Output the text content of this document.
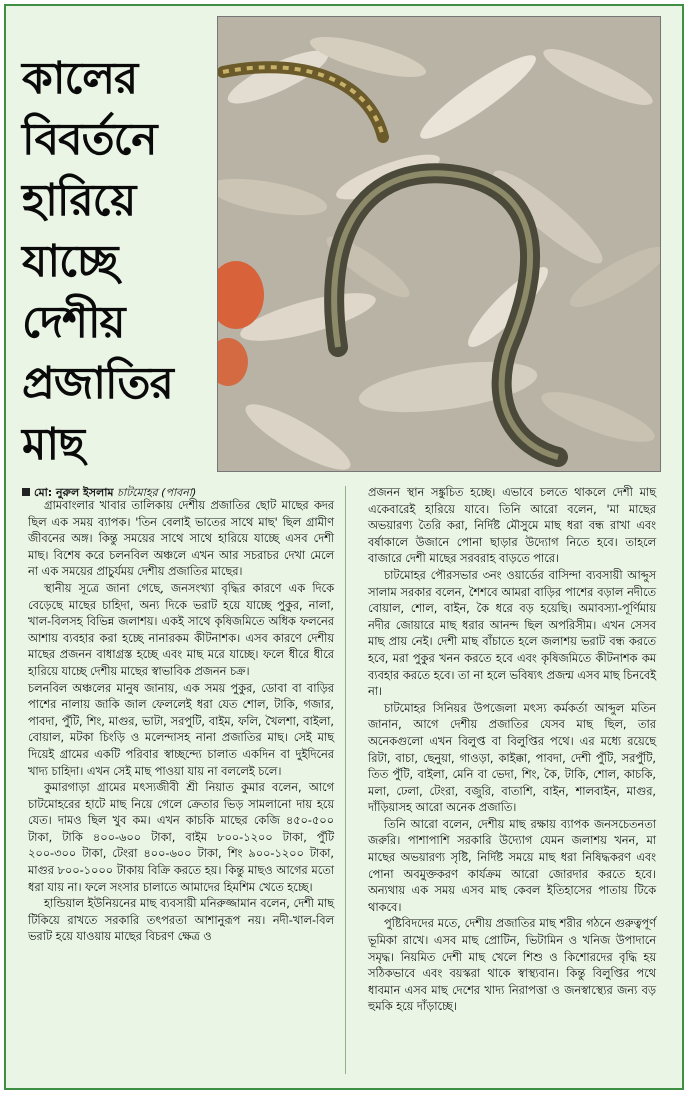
কালের
বিবর্তনে
হারিয়ে
যাচ্ছে
দেশীয়
প্রজাতির
মাছ
মো: নুরুল ইসলাম চাটমোহর (পাবনা)

গ্রামবাংলার খাবার তালিকায় দেশীয় প্রজাতির ছোট মাছের কদর ছিল এক সময় ব্যাপক। 'তিন বেলাই ভাতের সাথে মাছ' ছিল গ্রামীণ জীবনের অঙ্গ। কিন্তু সময়ের সাথে সাথে হারিয়ে যাচ্ছে এসব দেশী মাছ। বিশেষ করে চলনবিল অঞ্চলে এখন আর সচরাচর দেখা মেলে না এক সময়ের প্রাচুর্যময় দেশীয় প্রজাতির মাছের।

স্থানীয় সূত্রে জানা গেছে, জনসংখ্যা বৃদ্ধির কারণে এক দিকে বেড়েছে মাছের চাহিদা, অন্য দিকে ভরাট হয়ে যাচ্ছে পুকুর, নালা, খাল-বিলসহ বিভিন্ন জলাশয়। একই সাথে কৃষিজমিতে অধিক ফলনের আশায় ব্যবহার করা হচ্ছে নানারকম কীটনাশক। এসব কারণে দেশীয় মাছের প্রজনন বাধাগ্রস্ত হচ্ছে এবং মাছ মরে যাচ্ছে। ফলে ধীরে ধীরে হারিয়ে যাচ্ছে দেশীয় মাছের স্বাভাবিক প্রজনন চক্র।

চলনবিল অঞ্চলের মানুষ জানায়, এক সময় পুকুর, ডোবা বা বাড়ির পাশের নালায় জাকি জাল ফেললেই ধরা যেত শোল, টাকি, গজার, পাবদা, পুঁটি, শিং, মাগুর, ভাটা, সরপুটি, বাইম, ফলি, খৈলশা, বাইলা, বোয়াল, মটকা চিংড়ি ও মলেন্দাসহ নানা প্রজাতির মাছ। সেই মাছ দিয়েই গ্রামের একটি পরিবার স্বাচ্ছন্দ্যে চালাত একদিন বা দুইদিনের খাদ্য চাহিদা। এখন সেই মাছ পাওয়া যায় না বললেই চলে।

কুমারগাড়া গ্রামের মৎস্যজীবী শ্রী নিয়াত কুমার বলেন, আগে চাটমোহরের হাটে মাছ নিয়ে গেলে ক্রেতার ভিড় সামলানো দায় হয়ে যেত। দামও ছিল খুব কম। এখন কাচকি মাছের কেজি ৪৫০-৫০০ টাকা, টাকি ৪০০-৬০০ টাকা, বাইম ৮০০-১২০০ টাকা, পুঁটি ২০০-৩০০ টাকা, টেংরা ৪০০-৬০০ টাকা, শিং ৯০০-১২০০ টাকা, মাগুর ৮০০-১০০০ টাকায় বিক্রি করতে হয়। কিন্তু মাছও আগের মতো ধরা যায় না। ফলে সংসার চালাতে আমাদের হিমশিম খেতে হচ্ছে।

হান্ডিয়াল ইউনিয়নের মাছ ব্যবসায়ী মনিরুজ্জামান বলেন, দেশী মাছ টিকিয়ে রাখতে সরকারি তৎপরতা আশানুরূপ নয়। নদী-খাল-বিল ভরাট হয়ে যাওয়ায় মাছের বিচরণ ক্ষেত্র ও

প্রজনন স্থান সঙ্কুচিত হচ্ছে। এভাবে চলতে থাকলে দেশী মাছ একেবারেই হারিয়ে যাবে। তিনি আরো বলেন, 'মা মাছের অভয়ারণ্য তৈরি করা, নির্দিষ্ট মৌসুমে মাছ ধরা বন্ধ রাখা এবং বর্ষাকালে উজানে পোনা ছাড়ার উদ্যোগ নিতে হবে। তাহলে বাজারে দেশী মাছের সরবরাহ বাড়তে পারে।

চাটমোহর পৌরসভার ৩নং ওয়ার্ডের বাসিন্দা ব্যবসায়ী আব্দুস সালাম সরকার বলেন, শৈশবে আমরা বাড়ির পাশের বড়াল নদীতে বোয়াল, শোল, বাইন, কৈ ধরে বড় হয়েছি। অমাবস্যা-পূর্ণিমায় নদীর জোয়ারে মাছ ধরার আনন্দ ছিল অপরিসীম। এখন সেসব মাছ প্রায় নেই। দেশী মাছ বাঁচাতে হলে জলাশয় ভরাট বন্ধ করতে হবে, মরা পুকুর খনন করতে হবে এবং কৃষিজমিতে কীটনাশক কম ব্যবহার করতে হবে। তা না হলে ভবিষ্যৎ প্রজন্ম এসব মাছ চিনবেই না।

চাটমোহর সিনিয়র উপজেলা মৎস্য কর্মকর্তা আব্দুল মতিন জানান, আগে দেশীয় প্রজাতির যেসব মাছ ছিল, তার অনেকগুলো এখন বিলুপ্ত বা বিলুপ্তির পথে। এর মধ্যে রয়েছে রিটা, বাচা, ছেনুয়া, গাওড়া, কাইক্কা, পাবদা, দেশী পুঁটি, সরপুঁটি, তিত পুঁটি, বাইলা, মেনি বা ভেদা, শিং, কৈ, টাকি, শোল, কাচকি, মলা, ঢেলা, টেংরা, বজুরি, বাতাশি, বাইন, শালবাইন, মাগুর, দাঁড়িয়াসহ আরো অনেক প্রজাতি।

তিনি আরো বলেন, দেশীয় মাছ রক্ষায় ব্যাপক জনসচেতনতা জরুরি। পাশাপাশি সরকারি উদ্যোগ যেমন জলাশয় খনন, মা মাছের অভয়ারণ্য সৃষ্টি, নির্দিষ্ট সময়ে মাছ ধরা নিষিদ্ধকরণ এবং পোনা অবমুক্তকরণ কার্যক্রম আরো জোরদার করতে হবে। অন্যথায় এক সময় এসব মাছ কেবল ইতিহাসের পাতায় টিকে থাকবে।

পুষ্টিবিদদের মতে, দেশীয় প্রজাতির মাছ শরীর গঠনে গুরুত্বপূর্ণ ভূমিকা রাখে। এসব মাছ প্রোটিন, ভিটামিন ও খনিজ উপাদানে সমৃদ্ধ। নিয়মিত দেশী মাছ খেলে শিশু ও কিশোরদের বৃদ্ধি হয় সঠিকভাবে এবং বয়স্করা থাকে স্বাস্থ্যবান। কিন্তু বিলুপ্তির পথে ধাবমান এসব মাছ দেশের খাদ্য নিরাপত্তা ও জনস্বাস্থ্যের জন্য বড় হুমকি হয়ে দাঁড়াচ্ছে।
